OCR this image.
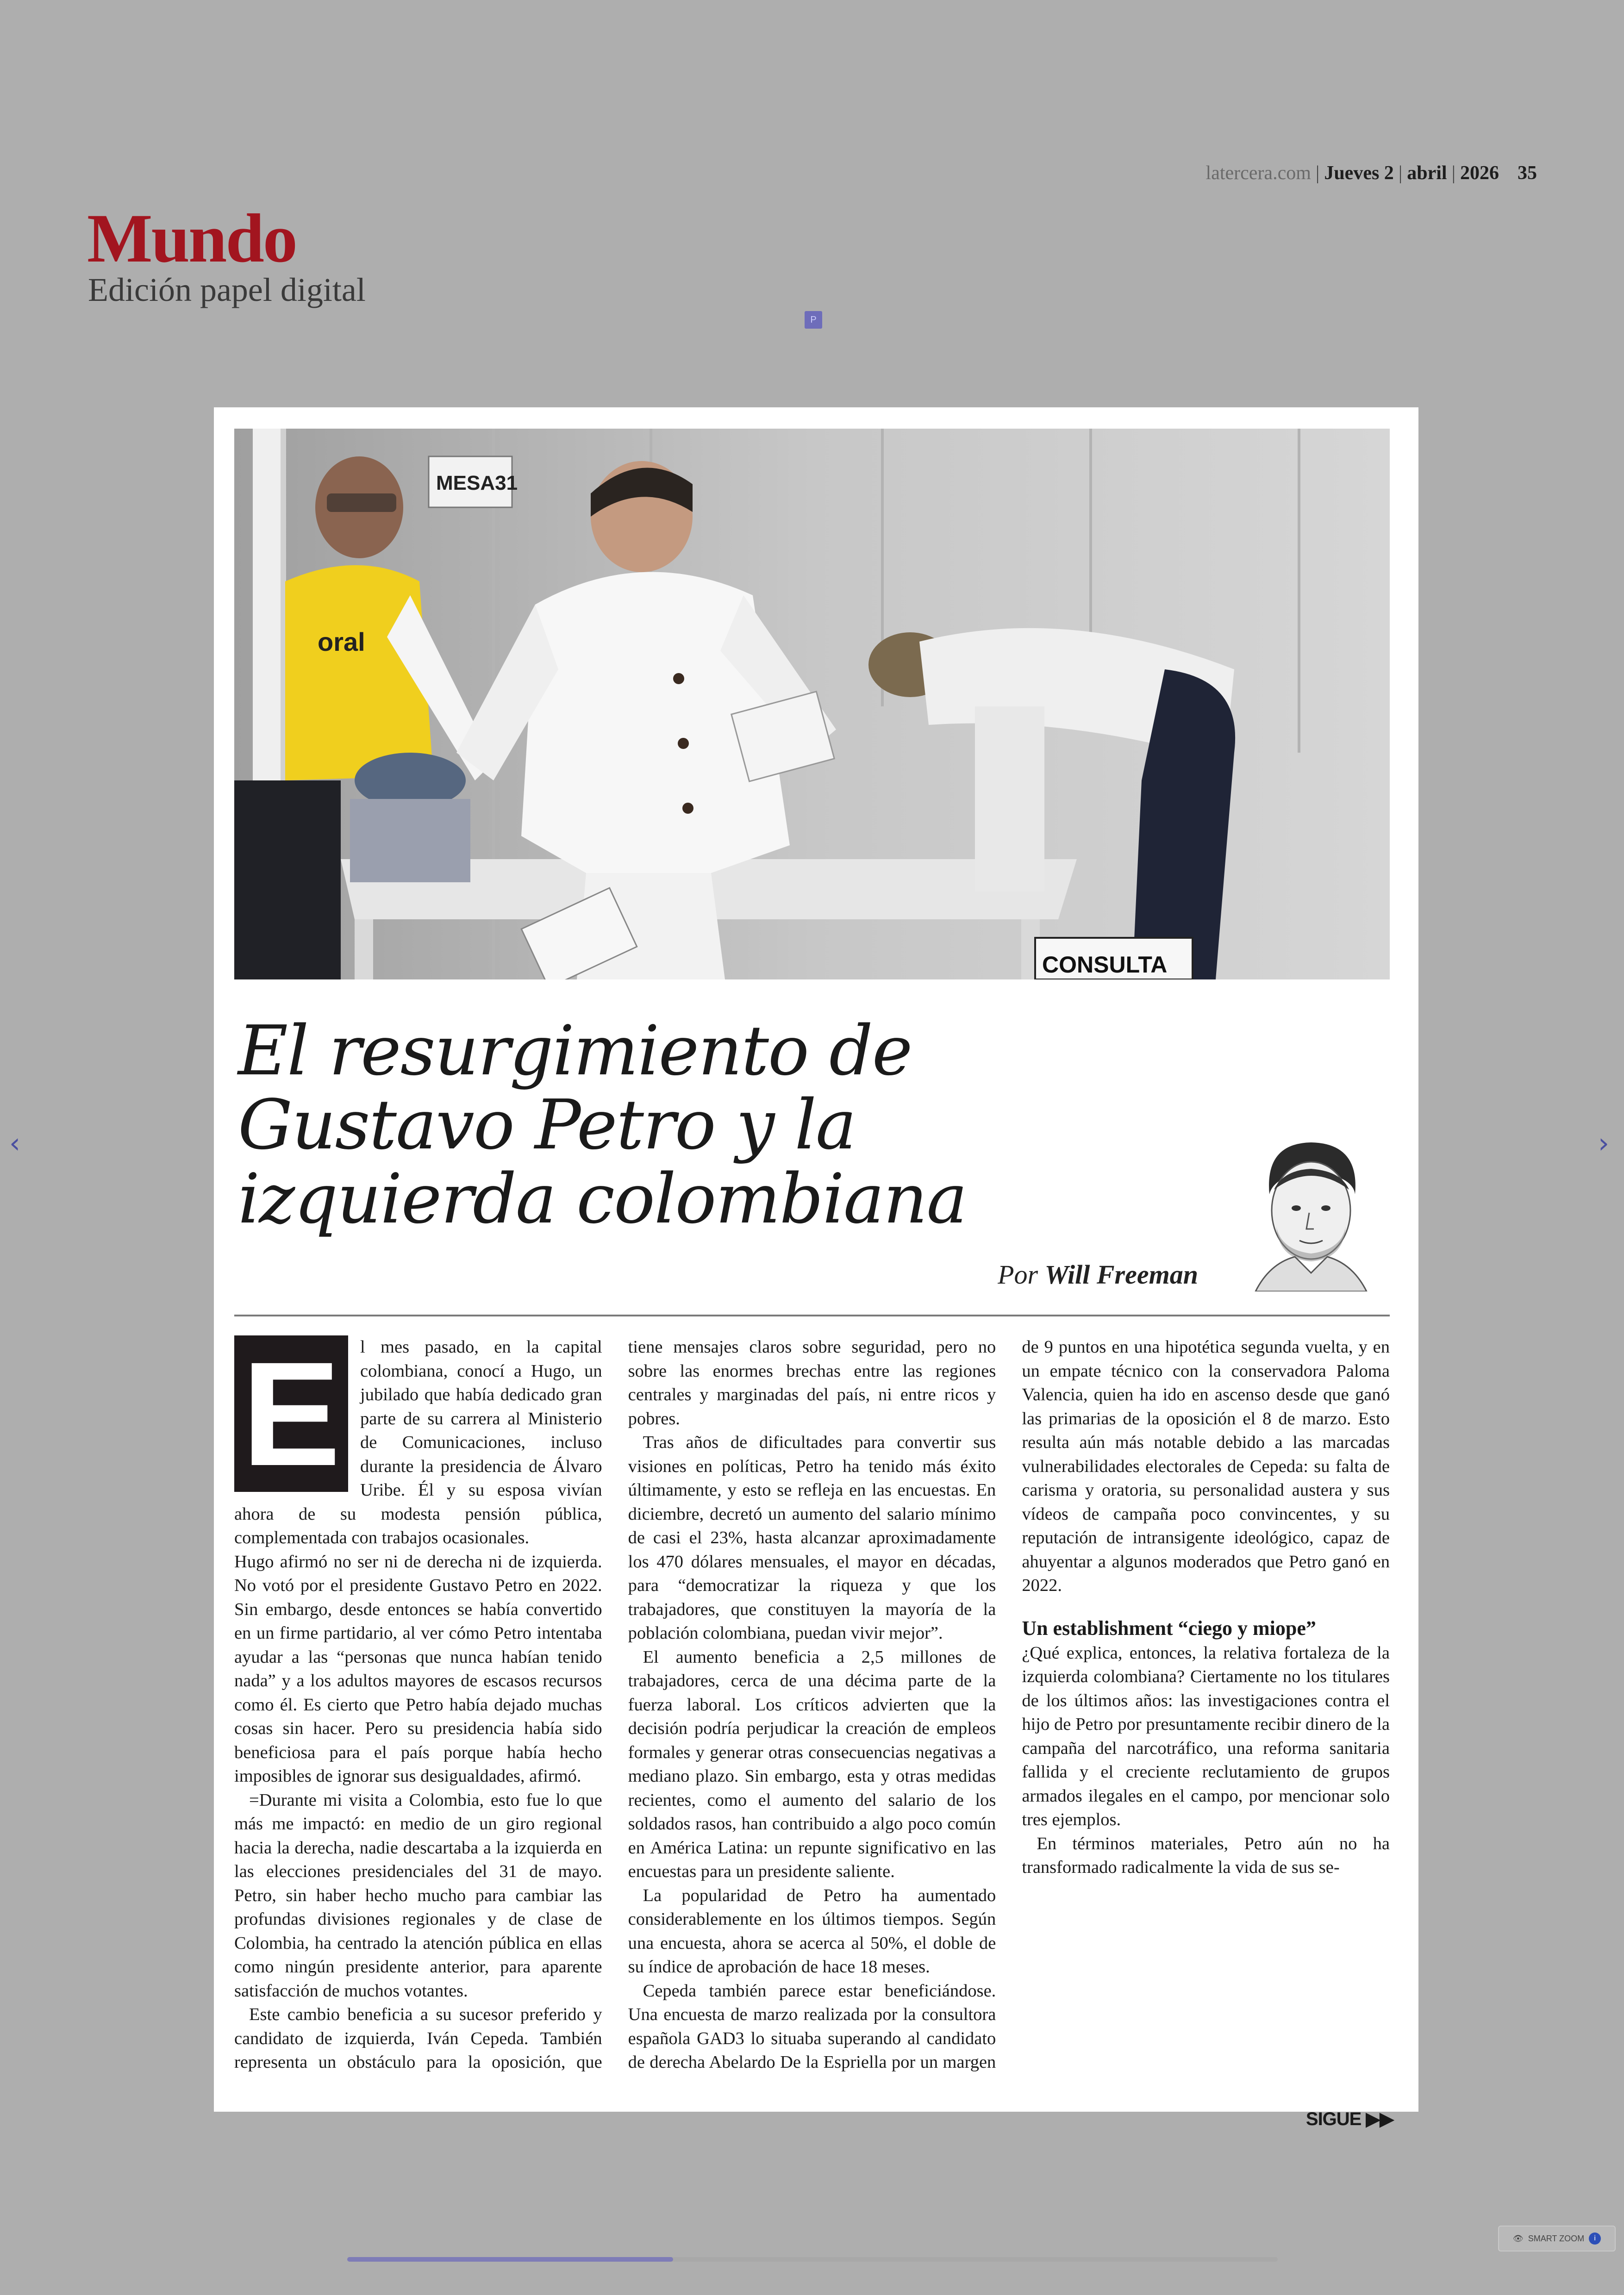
latercera.com | Jueves 2 | abril | 2026 35
Mundo
Edición papel digital
P
‹	›
MESA31
oral
CONSULTA
El resurgimiento de Gustavo Petro y la izquierda colombiana
Por Will Freeman

E	l mes pasado, en la capital colombiana, conocí a Hugo, un jubilado que había dedicado gran parte de su carrera al Ministerio de Comunicaciones, incluso durante la presidencia de Álvaro Uribe. Él y su esposa vivían ahora de su modesta pensión pública, complementada con trabajos ocasionales.

Hugo afirmó no ser ni de derecha ni de izquierda. No votó por el presidente Gustavo Petro en 2022. Sin embargo, desde entonces se había convertido en un firme partidario, al ver cómo Petro intentaba ayudar a las “personas que nunca habían tenido nada” y a los adultos mayores de escasos recursos como él. Es cierto que Petro había dejado muchas cosas sin hacer. Pero su presidencia había sido beneficiosa para el país porque había hecho imposibles de ignorar sus desigualdades, afirmó.

=Durante mi visita a Colombia, esto fue lo que más me impactó: en medio de un giro regional hacia la derecha, nadie descartaba a la izquierda en las elecciones presidenciales del 31 de mayo. Petro, sin haber hecho mucho para cambiar las profundas divisiones regionales y de clase de Colombia, ha centrado la atención pública en ellas como ningún presidente anterior, para aparente satisfacción de muchos votantes.

Este cambio beneficia a su sucesor preferido y candidato de izquierda, Iván Cepeda. También representa un obstáculo para la oposición, que tiene mensajes claros sobre seguridad, pero no sobre las enormes brechas entre las regiones centrales y marginadas del país, ni entre ricos y pobres.

Tras años de dificultades para convertir sus visiones en políticas, Petro ha tenido más éxito últimamente, y esto se refleja en las encuestas. En diciembre, decretó un aumento del salario mínimo de casi el 23%, hasta alcanzar aproximadamente los 470 dólares mensuales, el mayor en décadas, para “democratizar la riqueza y que los trabajadores, que constituyen la mayoría de la población colombiana, puedan vivir mejor”.

El aumento beneficia a 2,5 millones de trabajadores, cerca de una décima parte de la fuerza laboral. Los críticos advierten que la decisión podría perjudicar la creación de empleos formales y generar otras consecuencias negativas a mediano plazo. Sin embargo, esta y otras medidas recientes, como el aumento del salario de los soldados rasos, han contribuido a algo poco común en América Latina: un repunte significativo en las encuestas para un presidente saliente.

La popularidad de Petro ha aumentado considerablemente en los últimos tiempos. Según una encuesta, ahora se acerca al 50%, el doble de su índice de aprobación de hace 18 meses.

Cepeda también parece estar beneficiándose. Una encuesta de marzo realizada por la consultora española GAD3 lo situaba superando al candidato de derecha Abelardo De la Espriella por un margen de 9 puntos en una hipotética segunda vuelta, y en un empate técnico con la conservadora Paloma Valencia, quien ha ido en ascenso desde que ganó las primarias de la oposición el 8 de marzo. Esto resulta aún más notable debido a las marcadas vulnerabilidades electorales de Cepeda: su falta de carisma y oratoria, su personalidad austera y sus vídeos de campaña poco convincentes, y su reputación de intransigente ideológico, capaz de ahuyentar a algunos moderados que Petro ganó en 2022.

Un establishment “ciego y miope”

¿Qué explica, entonces, la relativa fortaleza de la izquierda colombiana? Ciertamente no los titulares de los últimos años: las investigaciones contra el hijo de Petro por presuntamente recibir dinero de la campaña del narcotráfico, una reforma sanitaria fallida y el creciente reclutamiento de grupos armados ilegales en el campo, por mencionar solo tres ejemplos.

En términos materiales, Petro aún no ha transformado radicalmente la vida de sus se-

SIGUE ▶▶
👁 SMART ZOOM	i
